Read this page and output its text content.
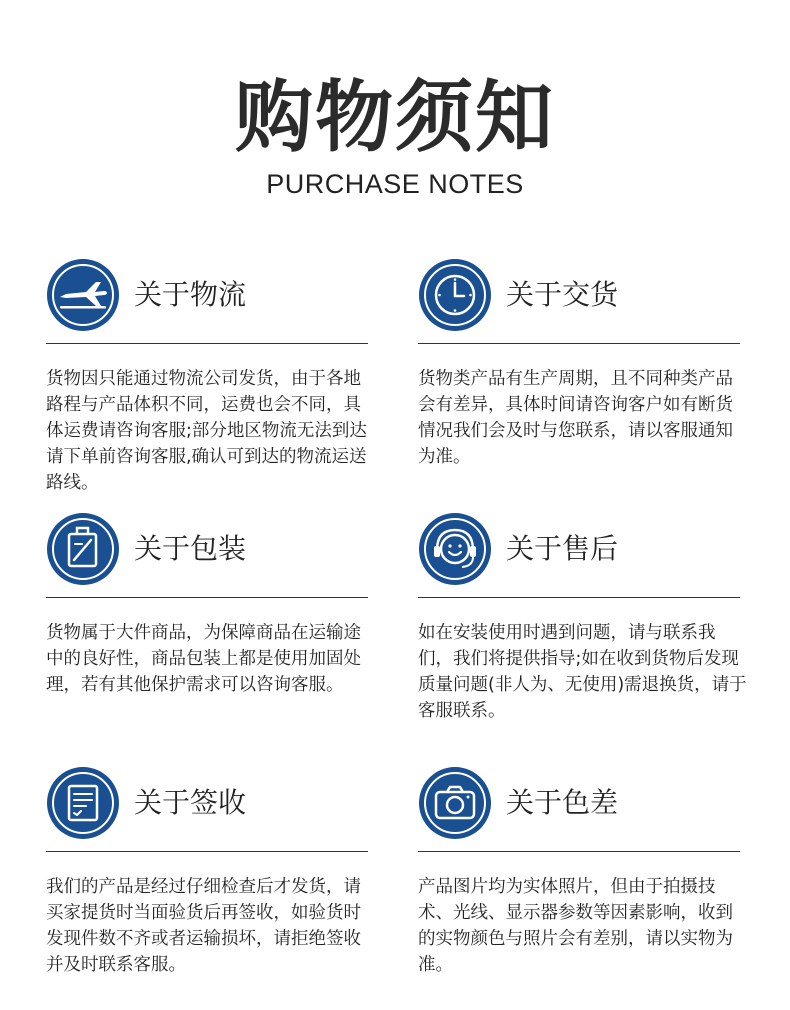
购物须知
PURCHASE NOTES
关于物流
货物因只能通过物流公司发货，由于各地路程与产品体积不同，运费也会不同，具体运费请咨询客服;部分地区物流无法到达请下单前咨询客服,确认可到达的物流运送路线。
关于交货
货物类产品有生产周期，且不同种类产品会有差异，具体时间请咨询客户如有断货情况我们会及时与您联系，请以客服通知为准。
关于包装
货物属于大件商品，为保障商品在运输途中的良好性，商品包装上都是使用加固处理，若有其他保护需求可以咨询客服。
关于售后
如在安装使用时遇到问题，请与联系我们，我们将提供指导;如在收到货物后发现质量问题(非人为、无使用)需退换货，请于客服联系。
关于签收
我们的产品是经过仔细检查后才发货，请买家提货时当面验货后再签收，如验货时发现件数不齐或者运输损坏，请拒绝签收并及时联系客服。
关于色差
产品图片均为实体照片，但由于拍摄技术、光线、显示器参数等因素影响，收到的实物颜色与照片会有差别，请以实物为准。
